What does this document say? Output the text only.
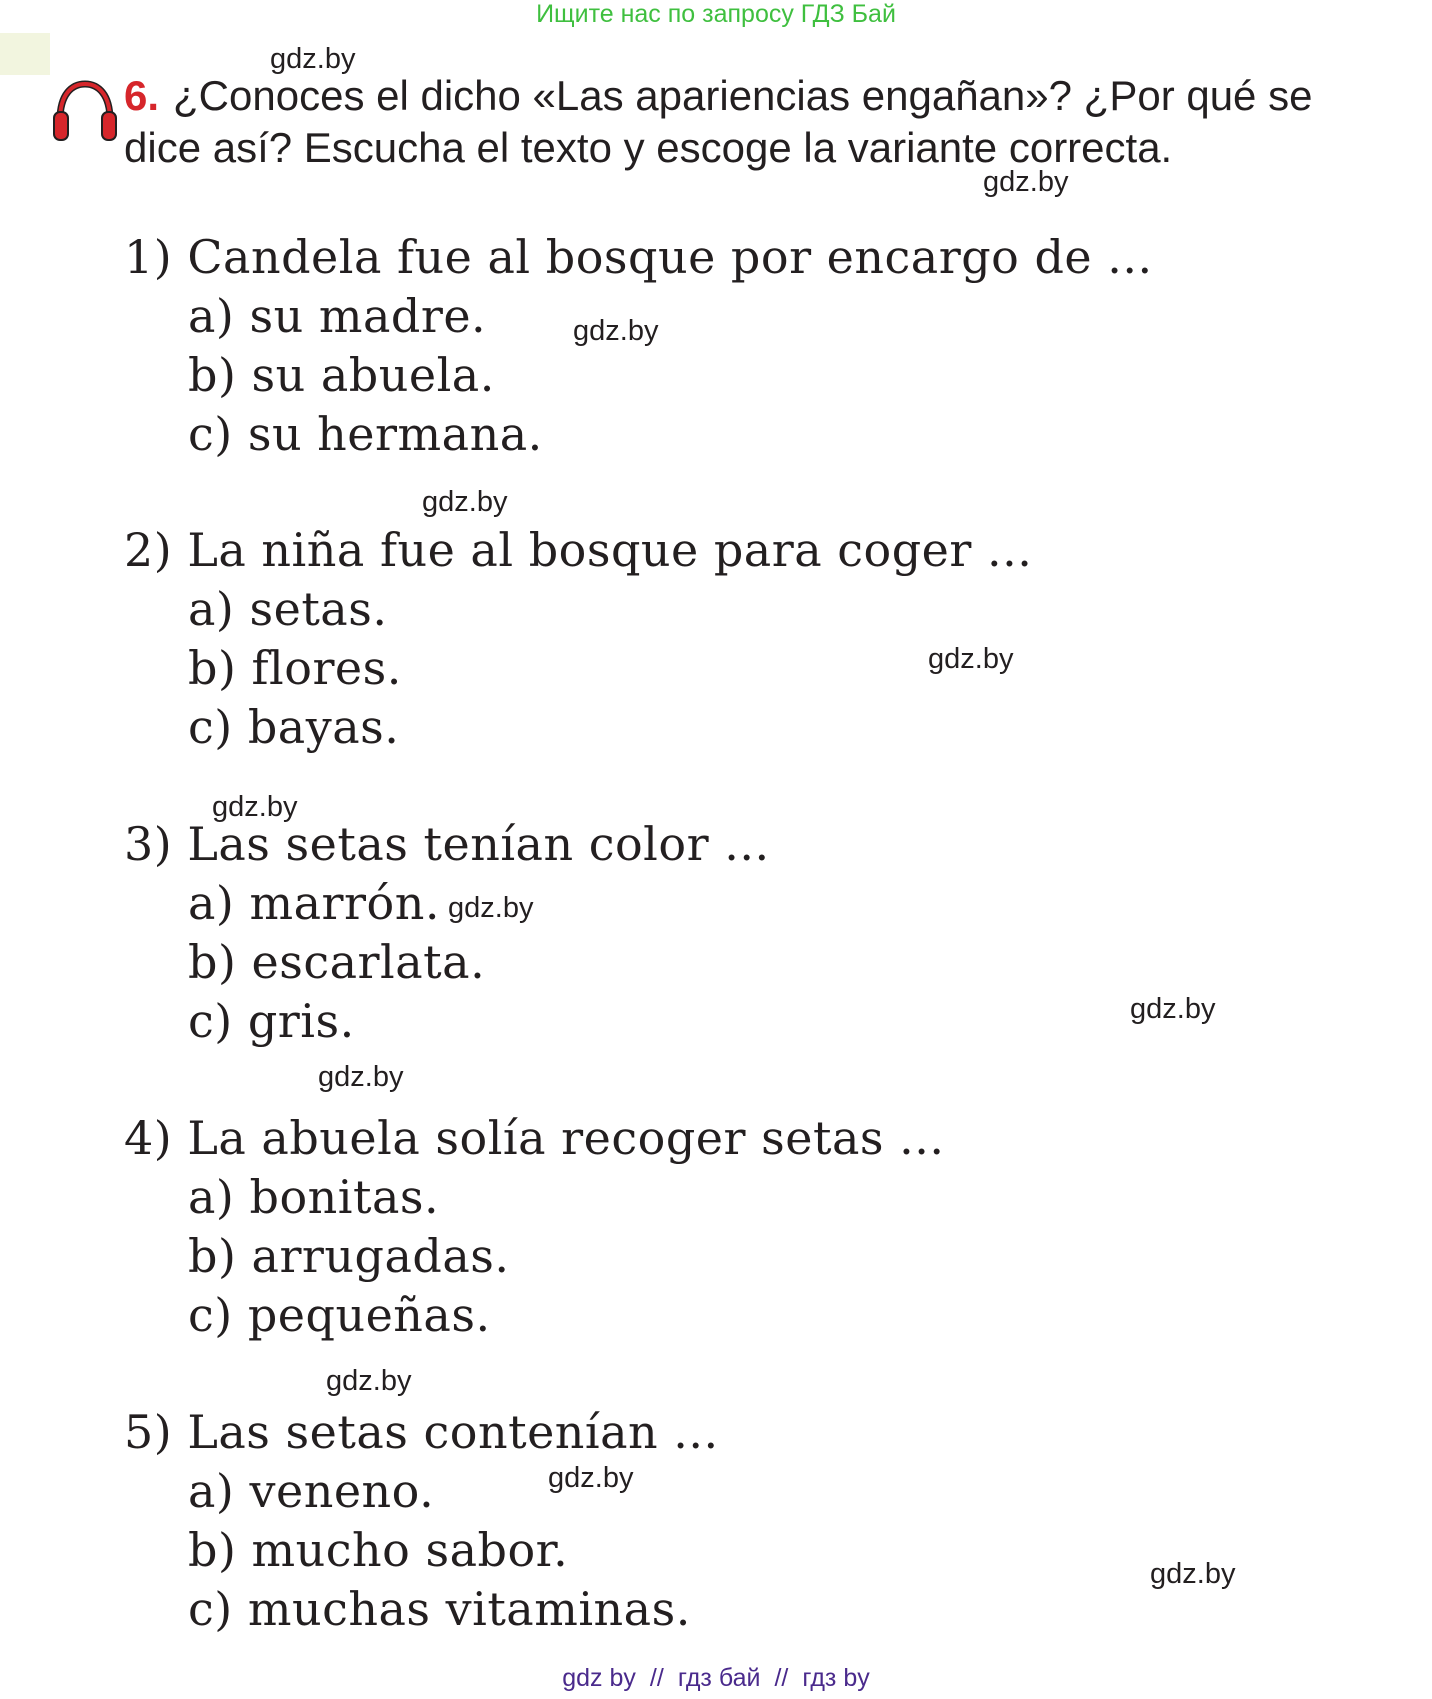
Ищите нас по запросу ГДЗ Бай
gdz.by
gdz.by
gdz.by
gdz.by
gdz.by
gdz.by
gdz.by
gdz.by
gdz.by
gdz.by
gdz.by
gdz.by
6. ¿Conoces el dicho «Las apariencias engañan»? ¿Por qué se
dice así? Escucha el texto y escoge la variante correcta.
1) Candela fue al bosque por encargo de ...
a) su madre.
b) su abuela.
c) su hermana.
2) La niña fue al bosque para coger ...
a) setas.
b) flores.
c) bayas.
3) Las setas tenían color ...
a) marrón.
b) escarlata.
c) gris.
4) La abuela solía recoger setas ...
a) bonitas.
b) arrugadas.
c) pequeñas.
5) Las setas contenían ...
a) veneno.
b) mucho sabor.
c) muchas vitaminas.
gdz by // гдз бай // гдз by
